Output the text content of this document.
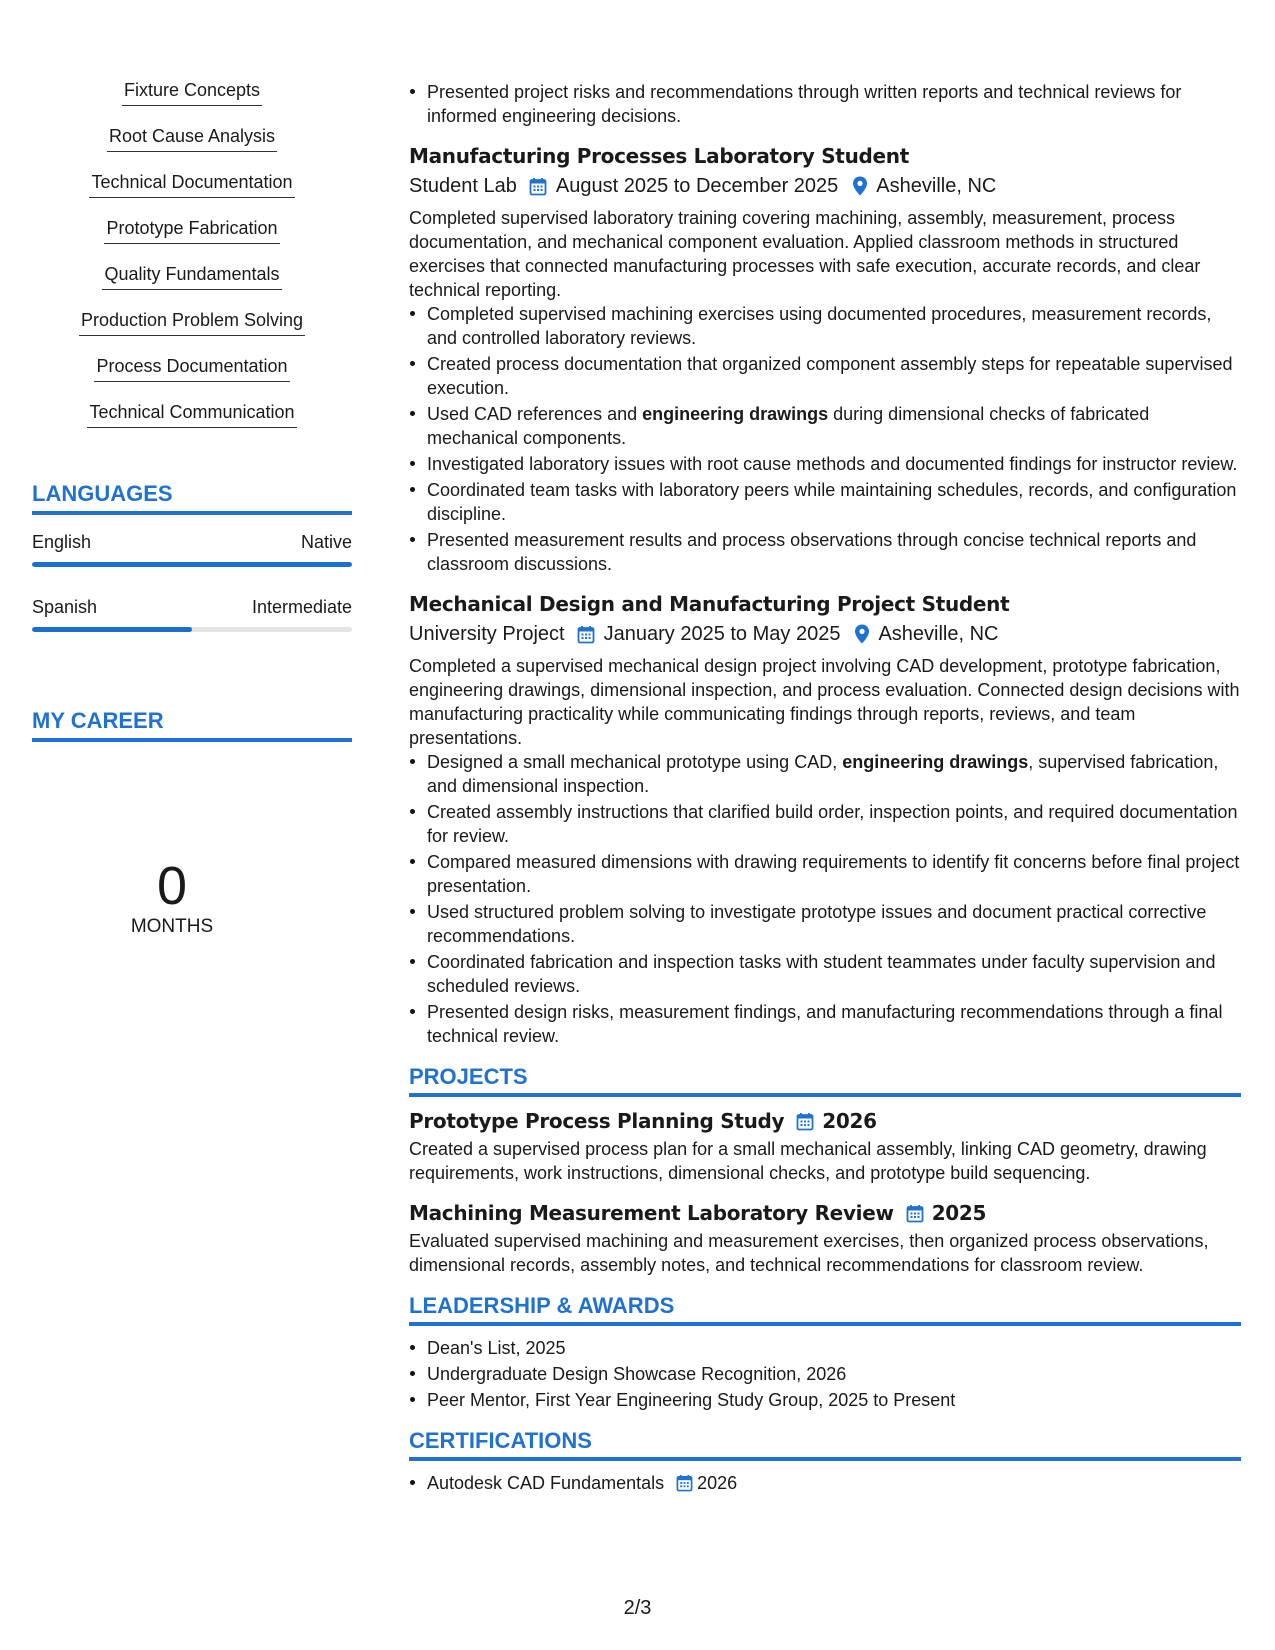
Fixture Concepts
Root Cause Analysis
Technical Documentation
Prototype Fabrication
Quality Fundamentals
Production Problem Solving
Process Documentation
Technical Communication
LANGUAGES
English	Native
Spanish	Intermediate
MY CAREER
0
MONTHS
Presented project risks and recommendations through written reports and technical reviews for informed engineering decisions.
Manufacturing Processes Laboratory Student
Student Lab August 2025 to December 2025 Asheville, NC
Completed supervised laboratory training covering machining, assembly, measurement, process documentation, and mechanical component evaluation. Applied classroom methods in structured exercises that connected manufacturing processes with safe execution, accurate records, and clear technical reporting.
Completed supervised machining exercises using documented procedures, measurement records, and controlled laboratory reviews.
Created process documentation that organized component assembly steps for repeatable supervised execution.
Used CAD references and engineering drawings during dimensional checks of fabricated mechanical components.
Investigated laboratory issues with root cause methods and documented findings for instructor review.
Coordinated team tasks with laboratory peers while maintaining schedules, records, and configuration discipline.
Presented measurement results and process observations through concise technical reports and classroom discussions.
Mechanical Design and Manufacturing Project Student
University Project January 2025 to May 2025 Asheville, NC
Completed a supervised mechanical design project involving CAD development, prototype fabrication, engineering drawings, dimensional inspection, and process evaluation. Connected design decisions with manufacturing practicality while communicating findings through reports, reviews, and team presentations.
Designed a small mechanical prototype using CAD, engineering drawings, supervised fabrication, and dimensional inspection.
Created assembly instructions that clarified build order, inspection points, and required documentation for review.
Compared measured dimensions with drawing requirements to identify fit concerns before final project presentation.
Used structured problem solving to investigate prototype issues and document practical corrective recommendations.
Coordinated fabrication and inspection tasks with student teammates under faculty supervision and scheduled reviews.
Presented design risks, measurement findings, and manufacturing recommendations through a final technical review.
PROJECTS
Prototype Process Planning Study 2026
Created a supervised process plan for a small mechanical assembly, linking CAD geometry, drawing requirements, work instructions, dimensional checks, and prototype build sequencing.
Machining Measurement Laboratory Review 2025
Evaluated supervised machining and measurement exercises, then organized process observations, dimensional records, assembly notes, and technical recommendations for classroom review.
LEADERSHIP & AWARDS
Dean's List, 2025
Undergraduate Design Showcase Recognition, 2026
Peer Mentor, First Year Engineering Study Group, 2025 to Present
CERTIFICATIONS
Autodesk CAD Fundamentals 2026
2/3
